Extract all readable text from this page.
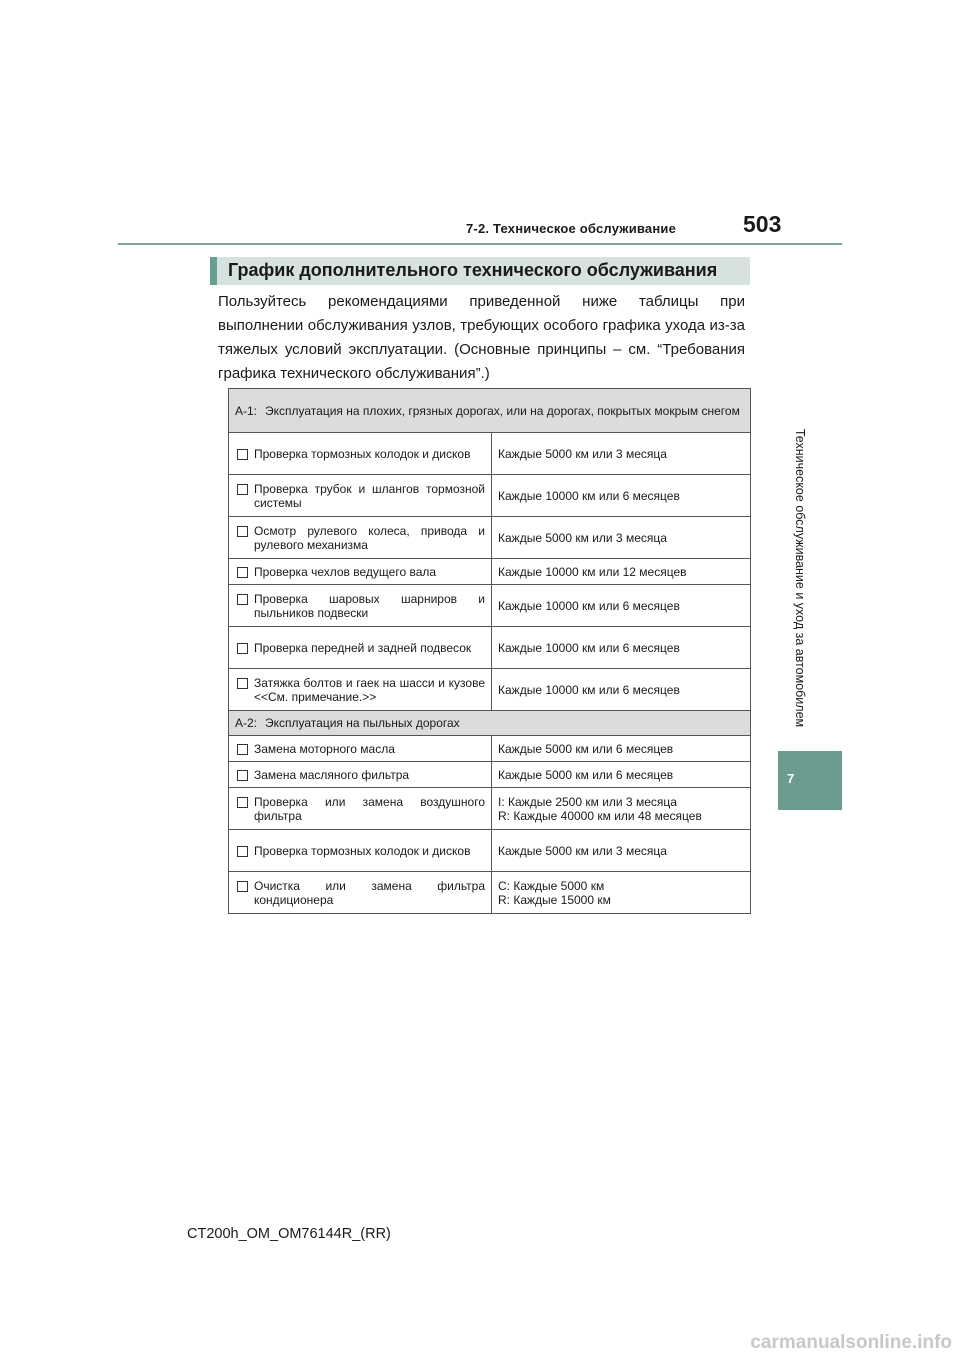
7-2. Техническое обслуживание	503
Техническое обслуживание и уход за автомобилем
7
График дополнительного технического обслуживания
Пользуйтесь рекомендациями приведенной ниже таблицы при выполнении обслуживания узлов, требующих особого графика ухода из-за тяжелых условий эксплуатации. (Основные принципы – см. “Требования графика технического обслуживания”.)
A-1: Эксплуатация на плохих, грязных дорогах, или на дорогах, покрытых мокрым снегом	

Проверка тормозных колодок и дисков	Каждые 5000 км или 3 месяца

Проверка трубок и шлангов тормозной системы	Каждые 10000 км или 6 месяцев

Осмотр рулевого колеса, привода и рулевого механизма	Каждые 5000 км или 3 месяца

Проверка чехлов ведущего вала	Каждые 10000 км или 12 месяцев

Проверка шаровых шарниров и пыльников подвески	Каждые 10000 км или 6 месяцев

Проверка передней и задней подвесок	Каждые 10000 км или 6 месяцев

Затяжка болтов и гаек на шасси и кузове <<См. примечание.>>	Каждые 10000 км или 6 месяцев

A-2: Эксплуатация на пыльных дорогах	

Замена моторного масла	Каждые 5000 км или 6 месяцев

Замена масляного фильтра	Каждые 5000 км или 6 месяцев

Проверка или замена воздушного фильтра	I: Каждые 2500 км или 3 месяца
R: Каждые 40000 км или 48 месяцев

Проверка тормозных колодок и дисков	Каждые 5000 км или 3 месяца

Очистка или замена фильтра кондиционера	C: Каждые 5000 км
R: Каждые 15000 км
CT200h_OM_OM76144R_(RR)
carmanualsonline.info
